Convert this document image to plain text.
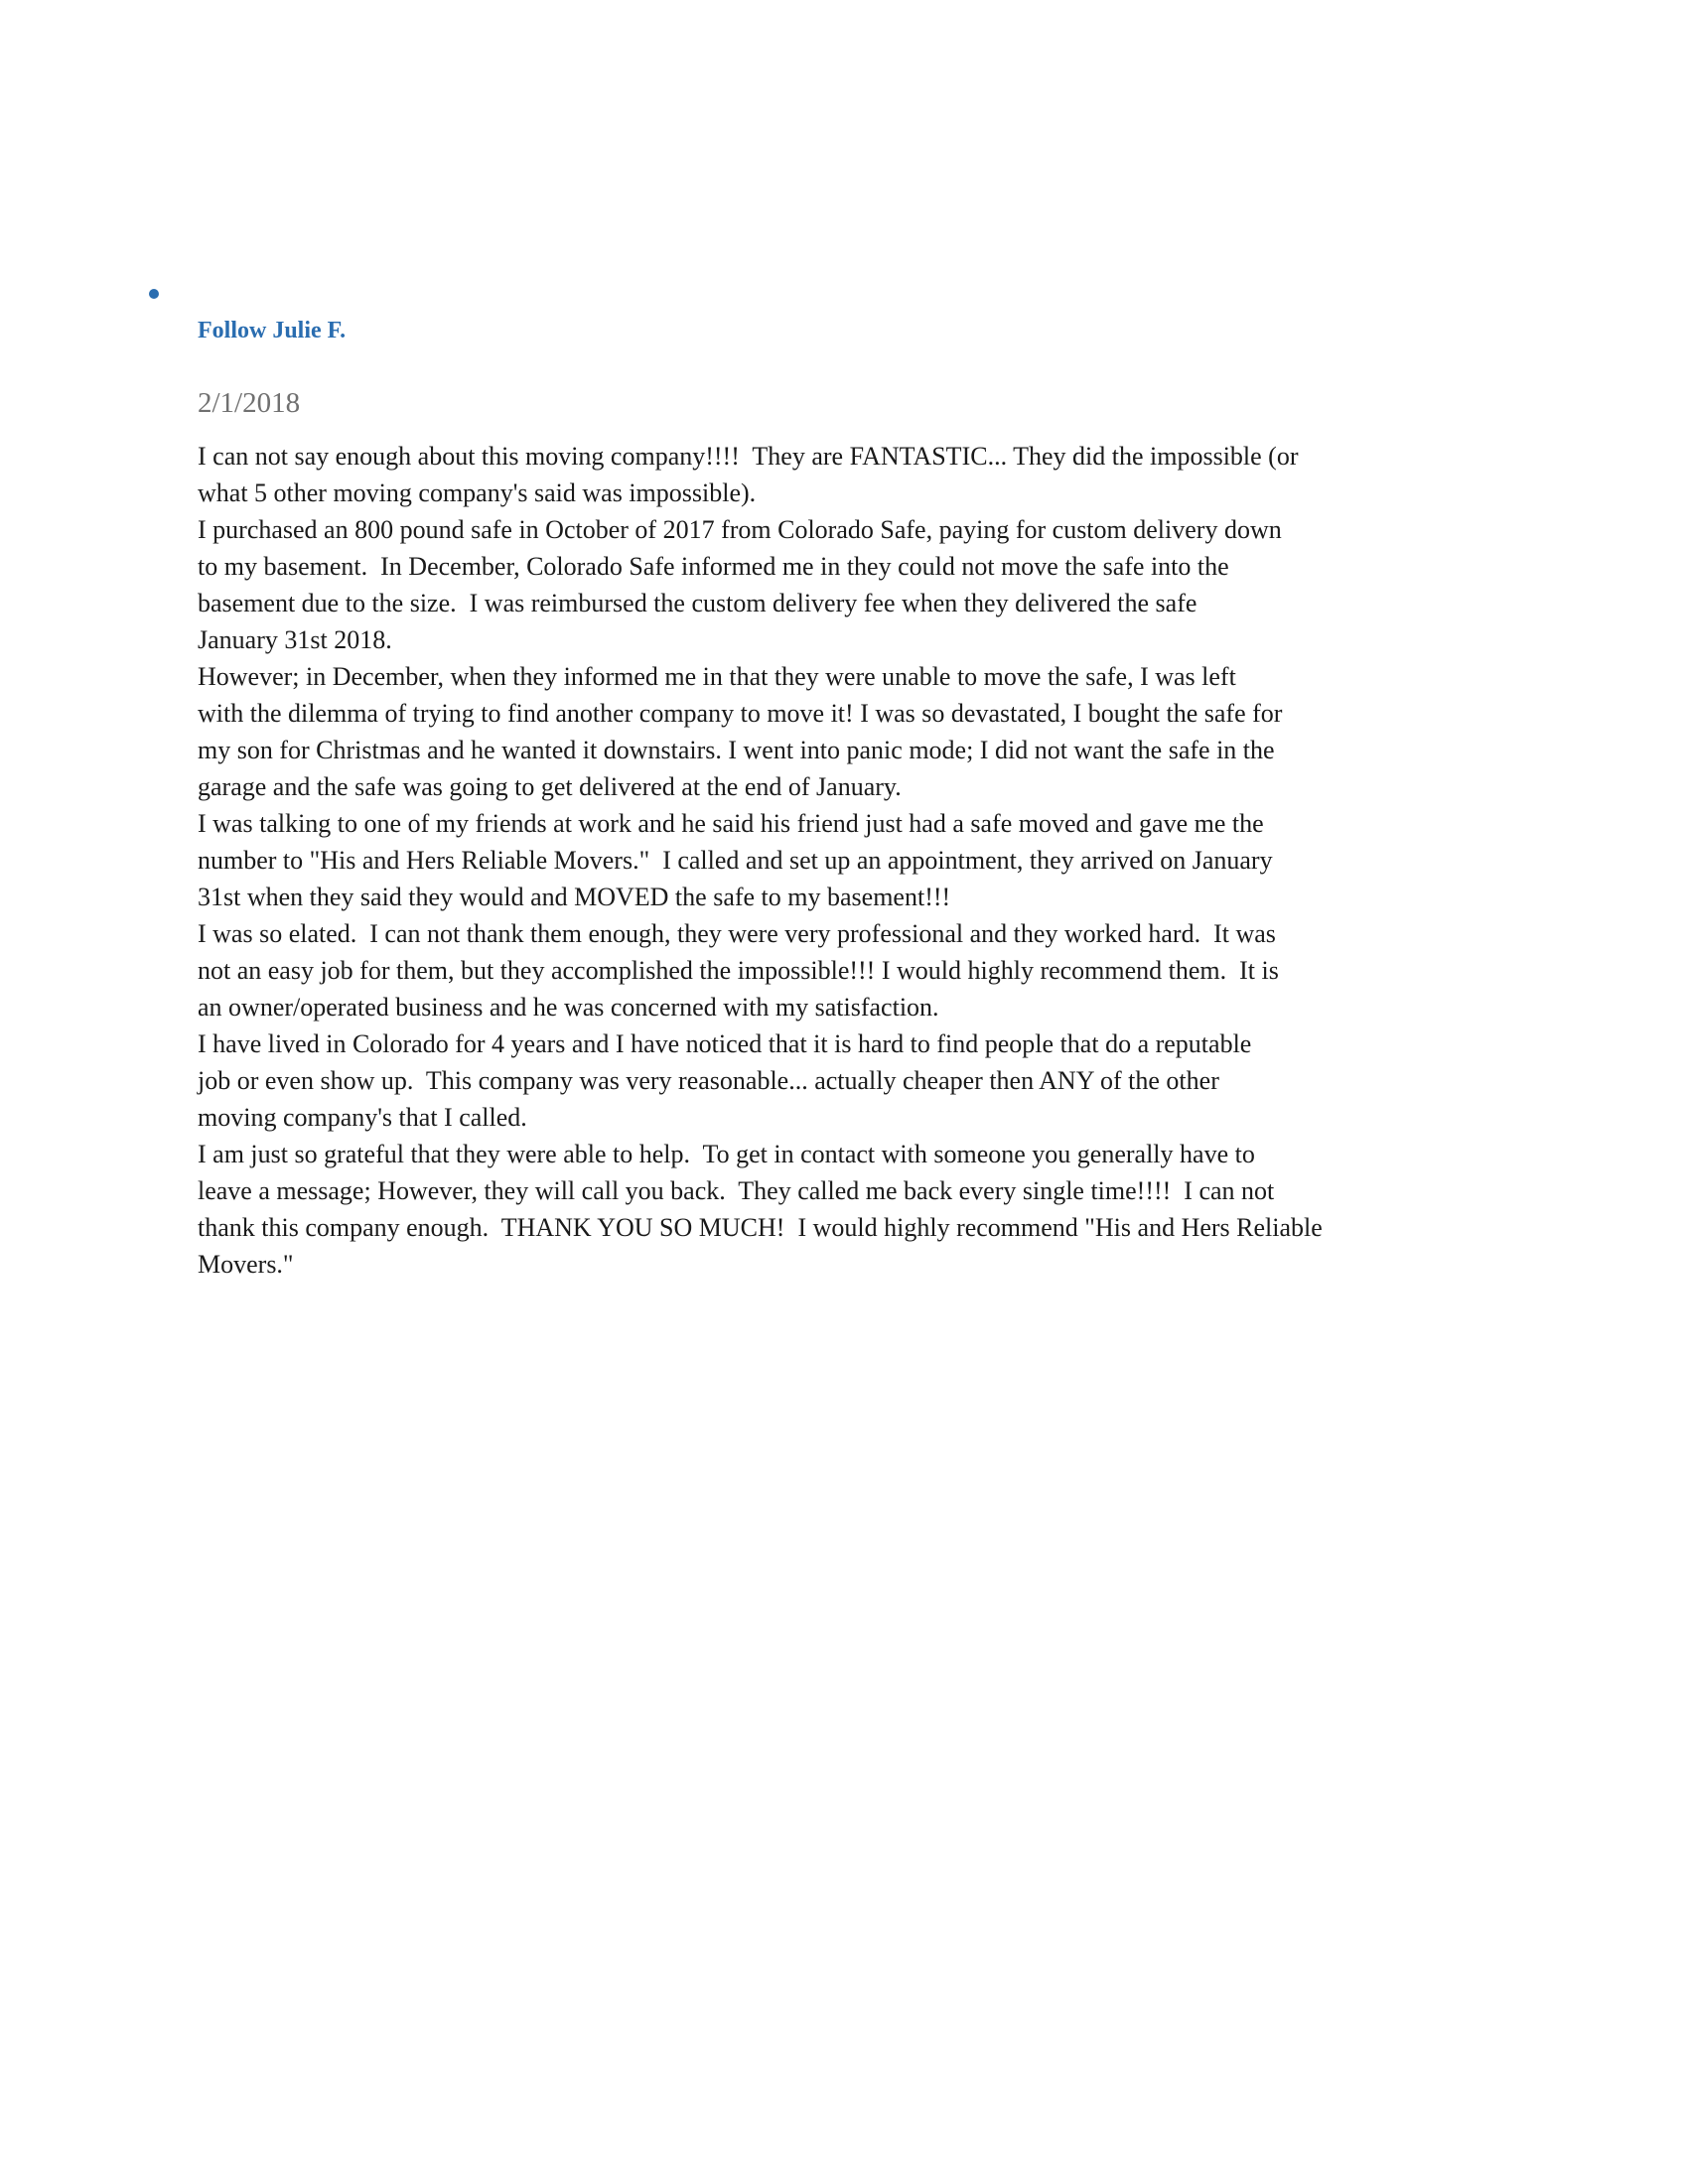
Follow Julie F.
2/1/2018
I can not say enough about this moving company!!!!  They are FANTASTIC... They did the impossible (or
what 5 other moving company's said was impossible).
I purchased an 800 pound safe in October of 2017 from Colorado Safe, paying for custom delivery down
to my basement.  In December, Colorado Safe informed me in they could not move the safe into the
basement due to the size.  I was reimbursed the custom delivery fee when they delivered the safe
January 31st 2018.
However; in December, when they informed me in that they were unable to move the safe, I was left
with the dilemma of trying to find another company to move it! I was so devastated, I bought the safe for
my son for Christmas and he wanted it downstairs. I went into panic mode; I did not want the safe in the
garage and the safe was going to get delivered at the end of January.
I was talking to one of my friends at work and he said his friend just had a safe moved and gave me the
number to "His and Hers Reliable Movers."  I called and set up an appointment, they arrived on January
31st when they said they would and MOVED the safe to my basement!!!
I was so elated.  I can not thank them enough, they were very professional and they worked hard.  It was
not an easy job for them, but they accomplished the impossible!!! I would highly recommend them.  It is
an owner/operated business and he was concerned with my satisfaction.
I have lived in Colorado for 4 years and I have noticed that it is hard to find people that do a reputable
job or even show up.  This company was very reasonable... actually cheaper then ANY of the other
moving company's that I called.
I am just so grateful that they were able to help.  To get in contact with someone you generally have to
leave a message; However, they will call you back.  They called me back every single time!!!!  I can not
thank this company enough.  THANK YOU SO MUCH!  I would highly recommend "His and Hers Reliable
Movers."
